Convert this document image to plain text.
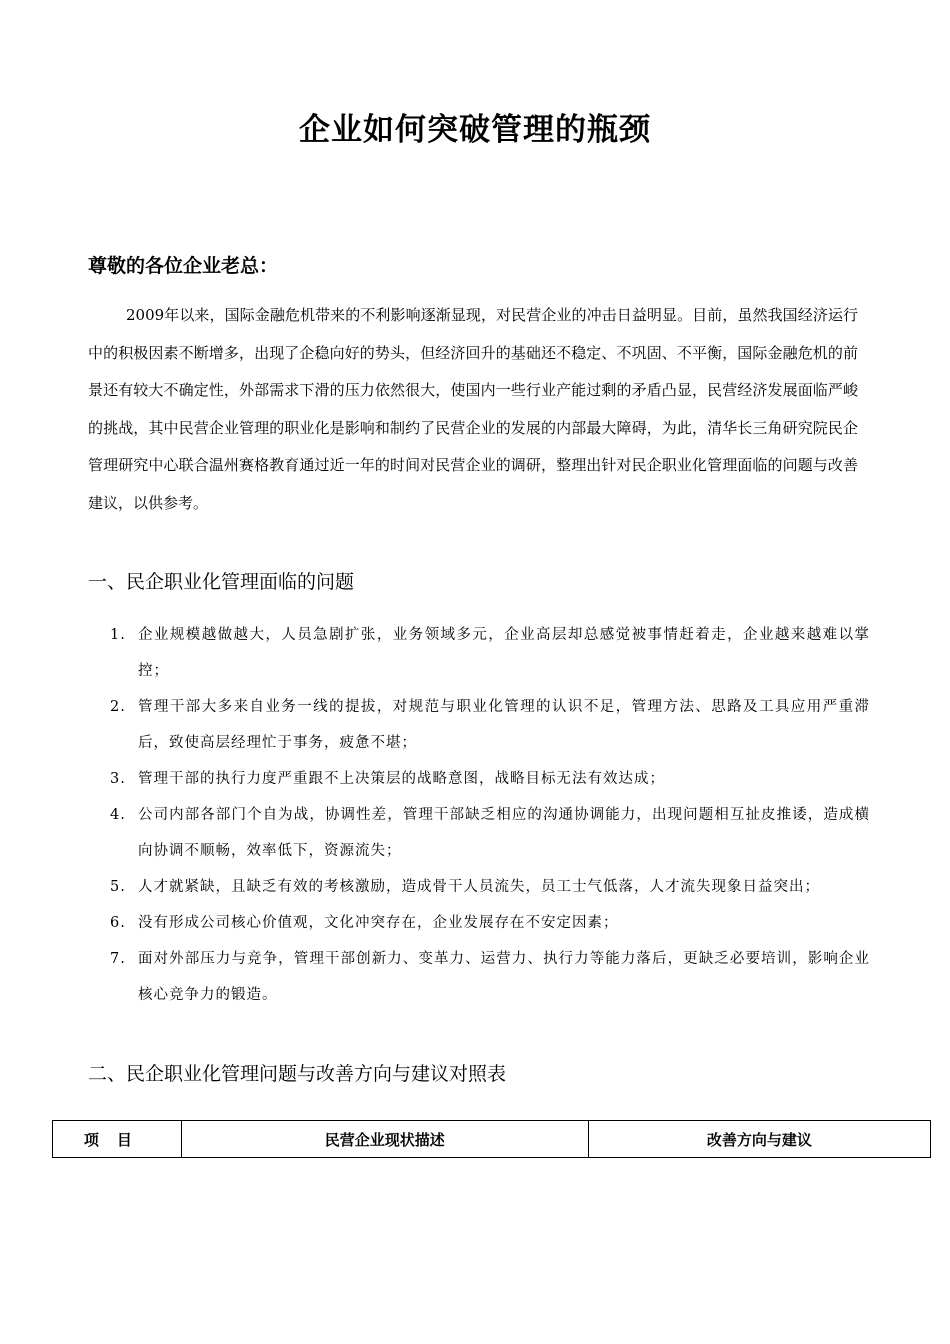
企业如何突破管理的瓶颈
尊敬的各位企业老总：

2009年以来，国际金融危机带来的不利影响逐渐显现，对民营企业的冲击日益明显。目前，虽然我国经济运行中的积极因素不断增多，出现了企稳向好的势头，但经济回升的基础还不稳定、不巩固、不平衡，国际金融危机的前景还有较大不确定性，外部需求下滑的压力依然很大，使国内一些行业产能过剩的矛盾凸显，民营经济发展面临严峻的挑战，其中民营企业管理的职业化是影响和制约了民营企业的发展的内部最大障碍，为此，清华长三角研究院民企管理研究中心联合温州赛格教育通过近一年的时间对民营企业的调研，整理出针对民企职业化管理面临的问题与改善建议，以供参考。

一、民企职业化管理面临的问题
1. 企业规模越做越大，人员急剧扩张，业务领域多元，企业高层却总感觉被事情赶着走，企业越来越难以掌控；
2. 管理干部大多来自业务一线的提拔，对规范与职业化管理的认识不足，管理方法、思路及工具应用严重滞后，致使高层经理忙于事务，疲惫不堪；
3. 管理干部的执行力度严重跟不上决策层的战略意图，战略目标无法有效达成；
4. 公司内部各部门个自为战，协调性差，管理干部缺乏相应的沟通协调能力，出现问题相互扯皮推诿，造成横向协调不顺畅，效率低下，资源流失；
5. 人才就紧缺，且缺乏有效的考核激励，造成骨干人员流失，员工士气低落，人才流失现象日益突出；
6. 没有形成公司核心价值观，文化冲突存在，企业发展存在不安定因素；
7. 面对外部压力与竞争，管理干部创新力、变革力、运营力、执行力等能力落后，更缺乏必要培训，影响企业核心竞争力的锻造。
二、民企职业化管理问题与改善方向与建议对照表
项目	民营企业现状描述	改善方向与建议
